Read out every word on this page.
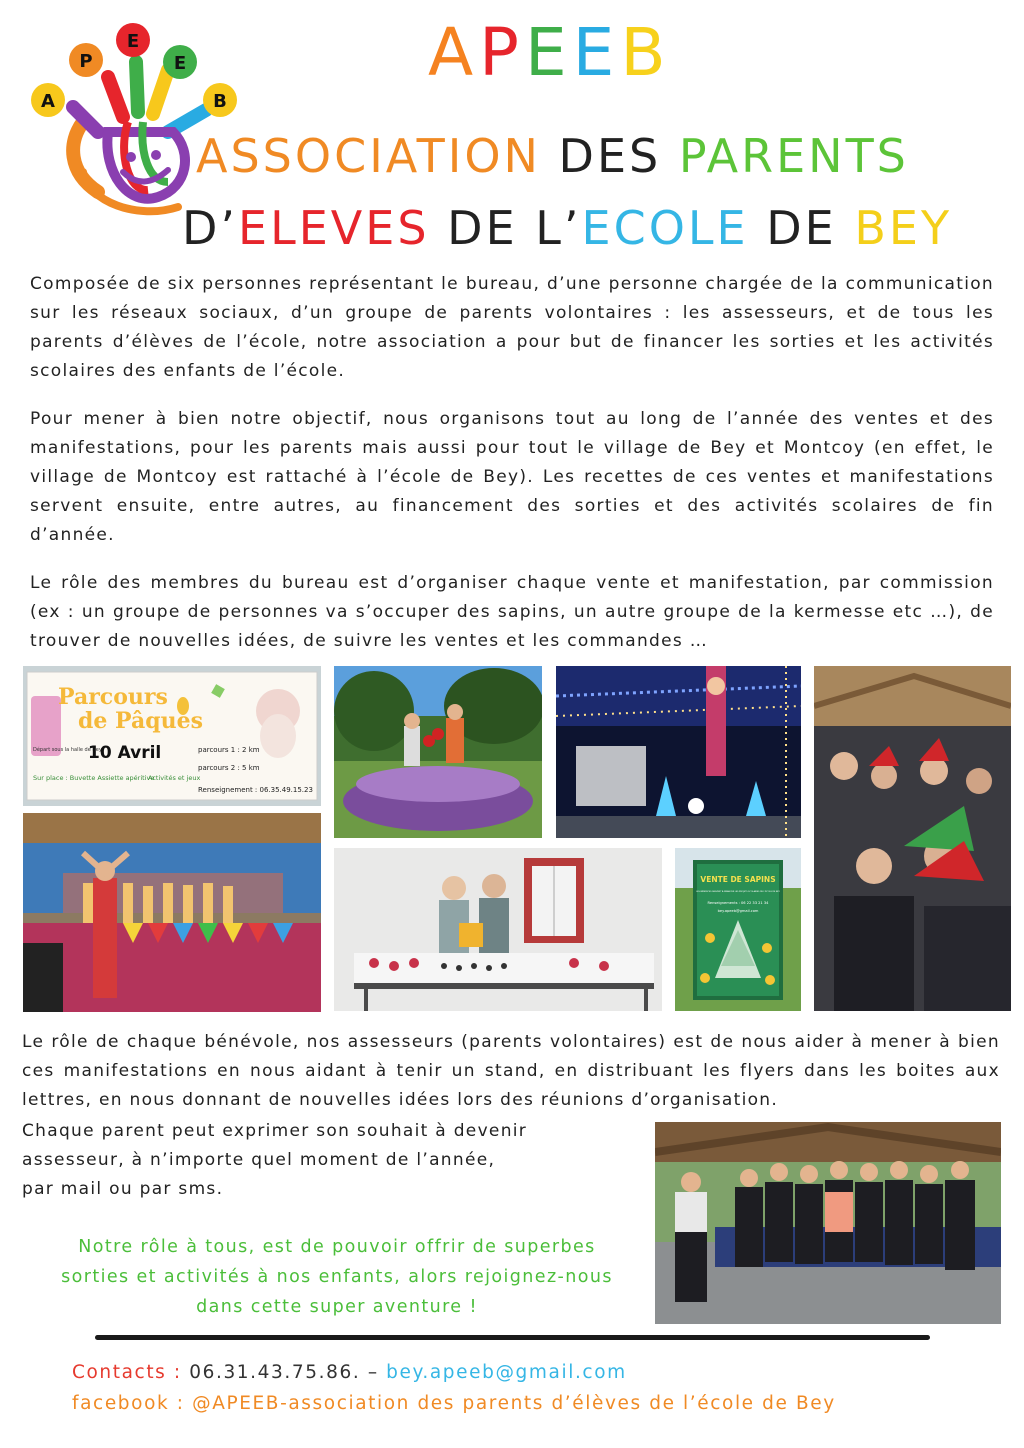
A
P
E
E
B
APEEB
ASSOCIATION DES PARENTS
D’ELEVES DE L’ECOLE DE BEY

Composée de six personnes représentant le bureau, d’une personne chargée de la communication sur les réseaux sociaux, d’un groupe de parents volontaires : les assesseurs, et de tous les parents d’élèves de l’école, notre association a pour but de financer les sorties et les activités scolaires des enfants de l’école.

Pour mener à bien notre objectif, nous organisons tout au long de l’année des ventes et des manifestations, pour les parents mais aussi pour tout le village de Bey et Montcoy (en effet, le village de Montcoy est rattaché à l’école de Bey). Les recettes de ces ventes et manifestations servent ensuite, entre autres, au financement des sorties et des activités scolaires de fin d’année.

Le rôle des membres du bureau est d’organiser chaque vente et manifestation, par commission (ex : un groupe de personnes va s’occuper des sapins, un autre groupe de la kermesse etc …), de trouver de nouvelles idées, de suivre les ventes et les commandes …

Parcours
de Pâques
Départ sous la halle de Bey
10 Avril	parcours 1 : 2 km
parcours 2 : 5 km
Sur place : Buvette Assiette apéritive
Activités et jeux
Renseignement : 06.35.49.15.23
VENTE DE SAPINS
LES BÉNÉFICES SERVENT À FINANCER LES PROJETS SCOLAIRES DE L’ÉCOLE DE BEY
Renseignements : 06 22 33 21 34
bey.apeeb@gmail.com

Le rôle de chaque bénévole, nos assesseurs (parents volontaires) est de nous aider à mener à bien ces manifestations en nous aidant à tenir un stand, en distribuant les flyers dans les boites aux lettres, en nous donnant de nouvelles idées lors des réunions d’organisation.

Chaque parent peut exprimer son souhait à devenir
assesseur, à n’importe quel moment de l’année,
par mail ou par sms.
Notre rôle à tous, est de pouvoir offrir de superbes
sorties et activités à nos enfants, alors rejoignez-nous
dans cette super aventure !
Contacts : 06.31.43.75.86. – bey.apeeb@gmail.com
facebook : @APEEB-association des parents d’élèves de l’école de Bey
